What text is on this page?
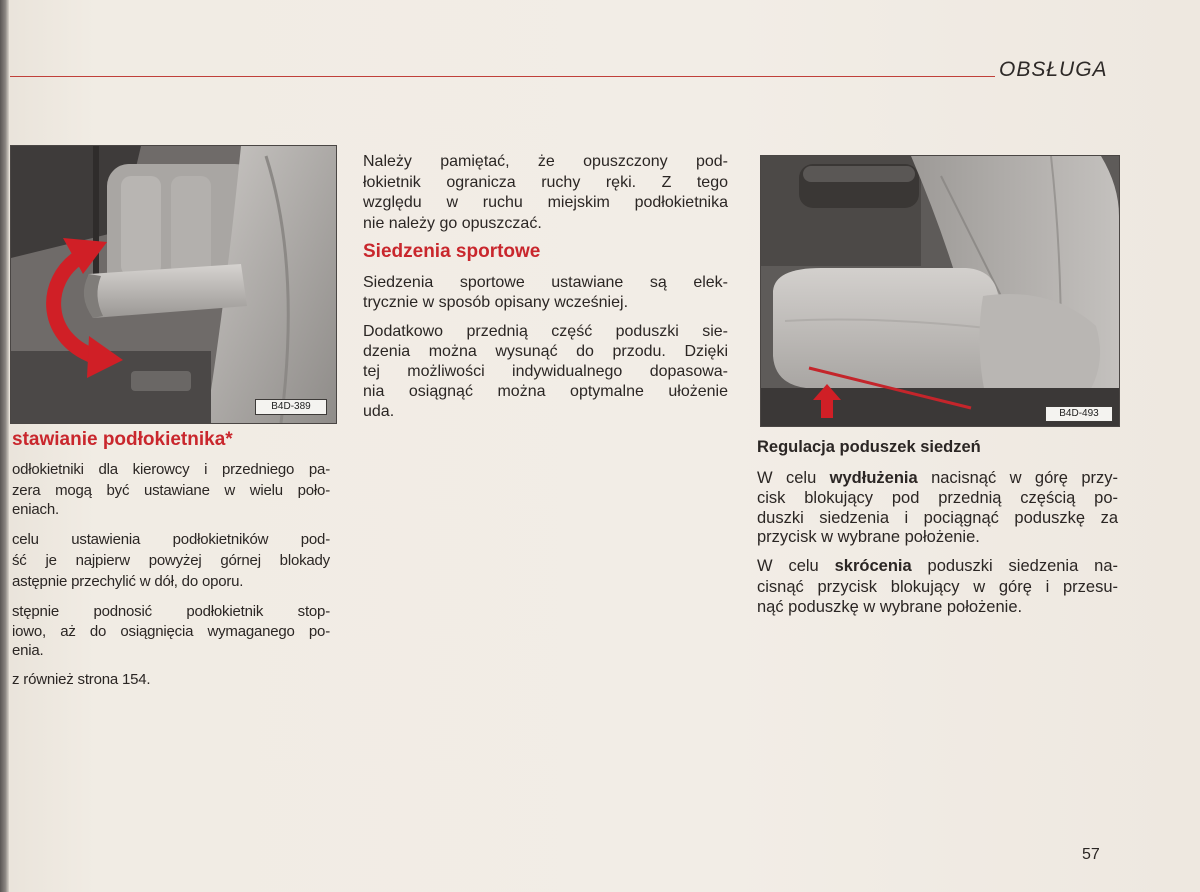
OBSŁUGA
B4D-389
stawianie podłokietnika*
odłokietniki dla kierowcy i przedniego pa-
zera mogą być ustawiane w wielu poło-
eniach.
celu ustawienia podłokietników pod-
ść je najpierw powyżej górnej blokady
astępnie przechylić w dół, do oporu.
stępnie podnosić podłokietnik stop-
iowo, aż do osiągnięcia wymaganego po-
enia.
z również strona 154.
Należy pamiętać, że opuszczony pod-
łokietnik ogranicza ruchy ręki. Z tego
względu w ruchu miejskim podłokietnika
nie należy go opuszczać.
Siedzenia sportowe
Siedzenia sportowe ustawiane są elek-
trycznie w sposób opisany wcześniej.
Dodatkowo przednią część poduszki sie-
dzenia można wysunąć do przodu. Dzięki
tej możliwości indywidualnego dopasowa-
nia osiągnąć można optymalne ułożenie
uda.	B4D-493
Regulacja poduszek siedzeń
W celu wydłużenia nacisnąć w górę przy-
cisk blokujący pod przednią częścią po-
duszki siedzenia i pociągnąć poduszkę za
przycisk w wybrane położenie.
W celu skrócenia poduszki siedzenia na-
cisnąć przycisk blokujący w górę i przesu-
nąć poduszkę w wybrane położenie.
57
